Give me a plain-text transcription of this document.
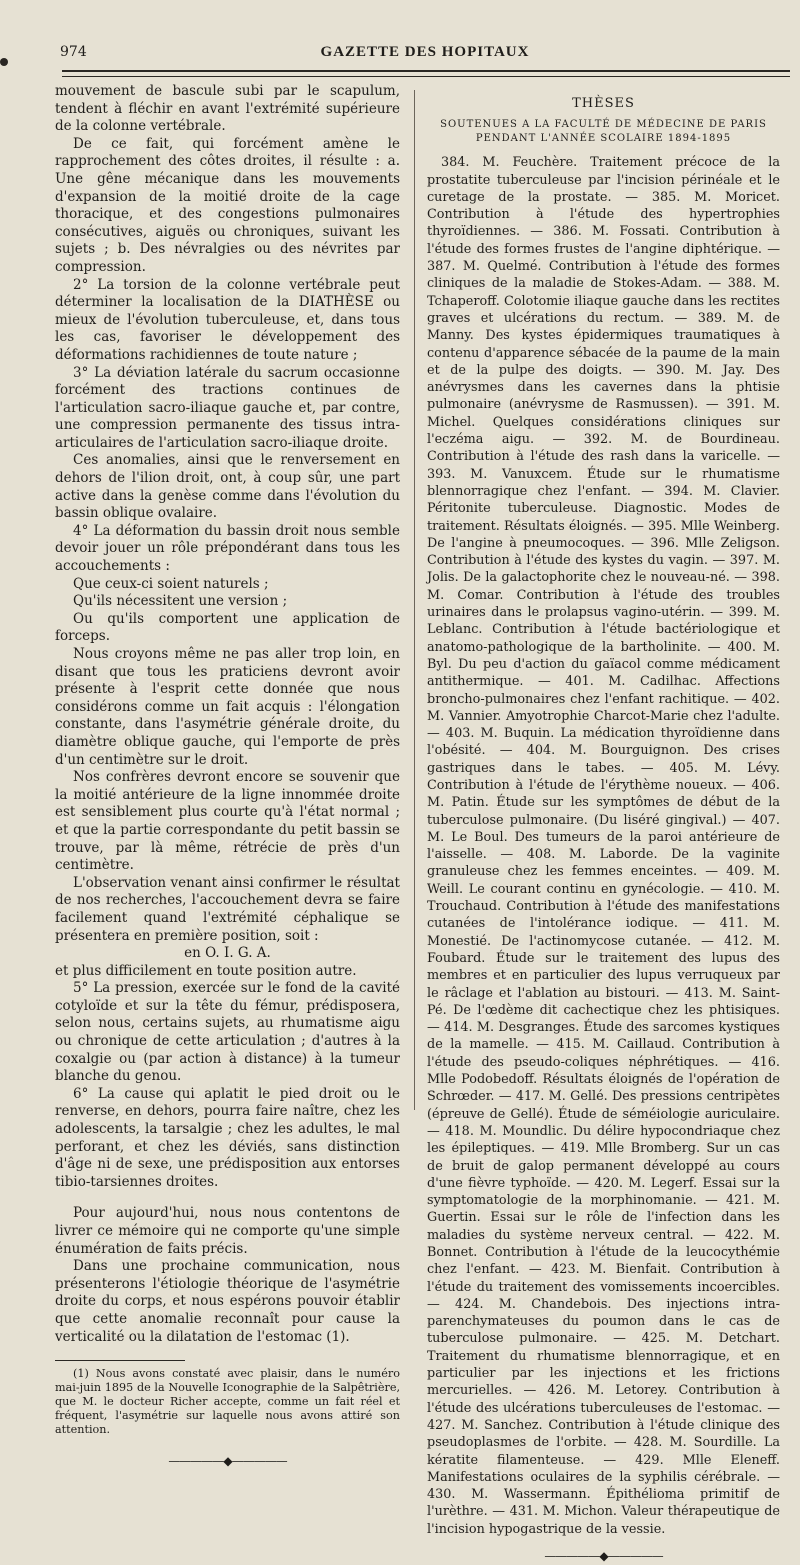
974	GAZETTE DES HOPITAUX

mouvement de bascule subi par le scapulum, tendent à fléchir en avant l'extrémité supérieure de la colonne vertébrale.

De ce fait, qui forcément amène le rapprochement des côtes droites, il résulte : a. Une gêne mécanique dans les mouvements d'expansion de la moitié droite de la cage thoracique, et des congestions pulmonaires consécutives, aiguës ou chroniques, suivant les sujets ; b. Des névralgies ou des névrites par compression.

2° La torsion de la colonne vertébrale peut déterminer la localisation de la DIATHÈSE ou mieux de l'évolution tuberculeuse, et, dans tous les cas, favoriser le développement des déformations rachidiennes de toute nature ;

3° La déviation latérale du sacrum occasionne forcément des tractions continues de l'articulation sacro-iliaque gauche et, par contre, une compression permanente des tissus intra-articulaires de l'articulation sacro-iliaque droite.

Ces anomalies, ainsi que le renversement en dehors de l'ilion droit, ont, à coup sûr, une part active dans la genèse comme dans l'évolution du bassin oblique ovalaire.

4° La déformation du bassin droit nous semble devoir jouer un rôle prépondérant dans tous les accouchements :

Que ceux-ci soient naturels ;

Qu'ils nécessitent une version ;

Ou qu'ils comportent une application de forceps.

Nous croyons même ne pas aller trop loin, en disant que tous les praticiens devront avoir présente à l'esprit cette donnée que nous considérons comme un fait acquis : l'élongation constante, dans l'asymétrie générale droite, du diamètre oblique gauche, qui l'emporte de près d'un centimètre sur le droit.

Nos confrères devront encore se souvenir que la moitié antérieure de la ligne innommée droite est sensiblement plus courte qu'à l'état normal ; et que la partie correspondante du petit bassin se trouve, par là même, rétrécie de près d'un centimètre.

L'observation venant ainsi confirmer le résultat de nos recherches, l'accouchement devra se faire facilement quand l'extrémité céphalique se présentera en première position, soit :

en O. I. G. A.

et plus difficilement en toute position autre.

5° La pression, exercée sur le fond de la cavité cotyloïde et sur la tête du fémur, prédisposera, selon nous, certains sujets, au rhumatisme aigu ou chronique de cette articulation ; d'autres à la coxalgie ou (par action à distance) à la tumeur blanche du genou.

6° La cause qui aplatit le pied droit ou le renverse, en dehors, pourra faire naître, chez les adolescents, la tarsalgie ; chez les adultes, le mal perforant, et chez les déviés, sans distinction d'âge ni de sexe, une prédisposition aux entorses tibio-tarsiennes droites.

Pour aujourd'hui, nous nous contentons de livrer ce mémoire qui ne comporte qu'une simple énumération de faits précis.

Dans une prochaine communication, nous présenterons l'étiologie théorique de l'asymétrie droite du corps, et nous espérons pouvoir établir que cette anomalie reconnaît pour cause la verticalité ou la dilatation de l'estomac (1).

(1) Nous avons constaté avec plaisir, dans le numéro mai-juin 1895 de la Nouvelle Iconographie de la Salpêtrière, que M. le docteur Richer accepte, comme un fait réel et fréquent, l'asymétrie sur laquelle nous avons attiré son attention.

—————◆—————
THÈSES
SOUTENUES A LA FACULTÉ DE MÉDECINE DE PARIS
PENDANT L'ANNÉE SCOLAIRE 1894-1895

384. M. Feuchère. Traitement précoce de la prostatite tuberculeuse par l'incision périnéale et le curetage de la prostate. — 385. M. Moricet. Contribution à l'étude des hypertrophies thyroïdiennes. — 386. M. Fossati. Contribution à l'étude des formes frustes de l'angine diphtérique. — 387. M. Quelmé. Contribution à l'étude des formes cliniques de la maladie de Stokes-Adam. — 388. M. Tchaperoff. Colotomie iliaque gauche dans les rectites graves et ulcérations du rectum. — 389. M. de Manny. Des kystes épidermiques traumatiques à contenu d'apparence sébacée de la paume de la main et de la pulpe des doigts. — 390. M. Jay. Des anévrysmes dans les cavernes dans la phtisie pulmonaire (anévrysme de Rasmussen). — 391. M. Michel. Quelques considérations cliniques sur l'eczéma aigu. — 392. M. de Bourdineau. Contribution à l'étude des rash dans la varicelle. — 393. M. Vanuxcem. Étude sur le rhumatisme blennorragique chez l'enfant. — 394. M. Clavier. Péritonite tuberculeuse. Diagnostic. Modes de traitement. Résultats éloignés. — 395. Mlle Weinberg. De l'angine à pneumocoques. — 396. Mlle Zeligson. Contribution à l'étude des kystes du vagin. — 397. M. Jolis. De la galactophorite chez le nouveau-né. — 398. M. Comar. Contribution à l'étude des troubles urinaires dans le prolapsus vagino-utérin. — 399. M. Leblanc. Contribution à l'étude bactériologique et anatomo-pathologique de la bartholinite. — 400. M. Byl. Du peu d'action du gaïacol comme médicament antithermique. — 401. M. Cadilhac. Affections broncho-pulmonaires chez l'enfant rachitique. — 402. M. Vannier. Amyotrophie Charcot-Marie chez l'adulte. — 403. M. Buquin. La médication thyroïdienne dans l'obésité. — 404. M. Bourguignon. Des crises gastriques dans le tabes. — 405. M. Lévy. Contribution à l'étude de l'érythème noueux. — 406. M. Patin. Étude sur les symptômes de début de la tuberculose pulmonaire. (Du liséré gingival.) — 407. M. Le Boul. Des tumeurs de la paroi antérieure de l'aisselle. — 408. M. Laborde. De la vaginite granuleuse chez les femmes enceintes. — 409. M. Weill. Le courant continu en gynécologie. — 410. M. Trouchaud. Contribution à l'étude des manifestations cutanées de l'intolérance iodique. — 411. M. Monestié. De l'actinomycose cutanée. — 412. M. Foubard. Étude sur le traitement des lupus des membres et en particulier des lupus verruqueux par le râclage et l'ablation au bistouri. — 413. M. Saint-Pé. De l'œdème dit cachectique chez les phtisiques. — 414. M. Desgranges. Étude des sarcomes kystiques de la mamelle. — 415. M. Caillaud. Contribution à l'étude des pseudo-coliques néphrétiques. — 416. Mlle Podobedoff. Résultats éloignés de l'opération de Schrœder. — 417. M. Gellé. Des pressions centripètes (épreuve de Gellé). Étude de séméiologie auriculaire. — 418. M. Moundlic. Du délire hypocondriaque chez les épileptiques. — 419. Mlle Bromberg. Sur un cas de bruit de galop permanent développé au cours d'une fièvre typhoïde. — 420. M. Legerf. Essai sur la symptomatologie de la morphinomanie. — 421. M. Guertin. Essai sur le rôle de l'infection dans les maladies du système nerveux central. — 422. M. Bonnet. Contribution à l'étude de la leucocythémie chez l'enfant. — 423. M. Bienfait. Contribution à l'étude du traitement des vomissements incoercibles. — 424. M. Chandebois. Des injections intra-parenchymateuses du poumon dans le cas de tuberculose pulmonaire. — 425. M. Detchart. Traitement du rhumatisme blennorragique, et en particulier par les injections et les frictions mercurielles. — 426. M. Letorey. Contribution à l'étude des ulcérations tuberculeuses de l'estomac. — 427. M. Sanchez. Contribution à l'étude clinique des pseudoplasmes de l'orbite. — 428. M. Sourdille. La kératite filamenteuse. — 429. Mlle Eleneff. Manifestations oculaires de la syphilis cérébrale. — 430. M. Wassermann. Épithélioma primitif de l'urèthre. — 431. M. Michon. Valeur thérapeutique de l'incision hypogastrique de la vessie.

—————◆—————
